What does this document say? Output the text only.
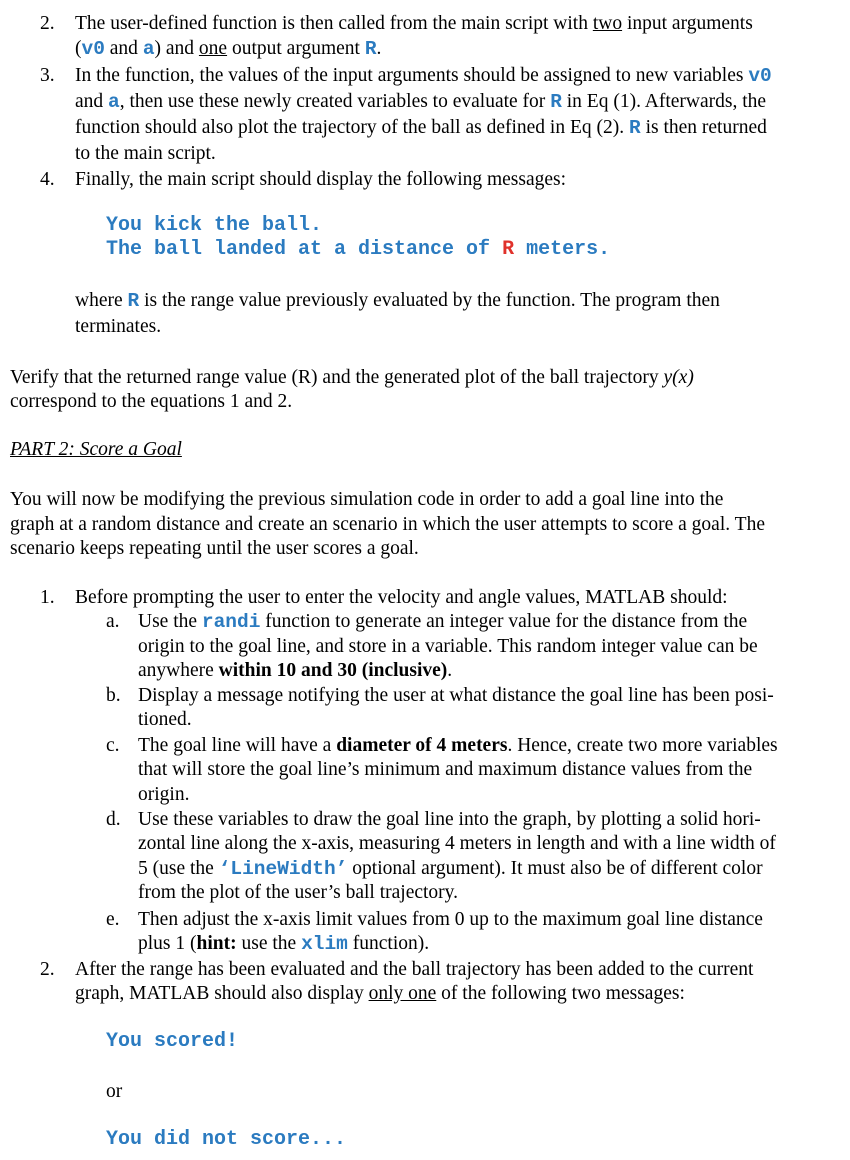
2. The user-defined function is then called from the main script with two input arguments
(v0 and a) and one output argument R.
3. In the function, the values of the input arguments should be assigned to new variables v0
and a, then use these newly created variables to evaluate for R in Eq (1). Afterwards, the
function should also plot the trajectory of the ball as defined in Eq (2). R is then returned
to the main script.
4. Finally, the main script should display the following messages:
You kick the ball.
The ball landed at a distance of R meters.
where R is the range value previously evaluated by the function. The program then
terminates.
Verify that the returned range value (R) and the generated plot of the ball trajectory y(x)
correspond to the equations 1 and 2.
PART 2: Score a Goal
You will now be modifying the previous simulation code in order to add a goal line into the
graph at a random distance and create an scenario in which the user attempts to score a goal. The
scenario keeps repeating until the user scores a goal.
1. Before prompting the user to enter the velocity and angle values, MATLAB should:
a. Use the randi function to generate an integer value for the distance from the
origin to the goal line, and store in a variable. This random integer value can be
anywhere within 10 and 30 (inclusive).
b. Display a message notifying the user at what distance the goal line has been posi-
tioned.
c. The goal line will have a diameter of 4 meters. Hence, create two more variables
that will store the goal line’s minimum and maximum distance values from the
origin.
d. Use these variables to draw the goal line into the graph, by plotting a solid hori-
zontal line along the x-axis, measuring 4 meters in length and with a line width of
5 (use the ‘LineWidth’ optional argument). It must also be of different color
from the plot of the user’s ball trajectory.
e. Then adjust the x-axis limit values from 0 up to the maximum goal line distance
plus 1 (hint: use the xlim function).
2. After the range has been evaluated and the ball trajectory has been added to the current
graph, MATLAB should also display only one of the following two messages:
You scored!
or
You did not score...
